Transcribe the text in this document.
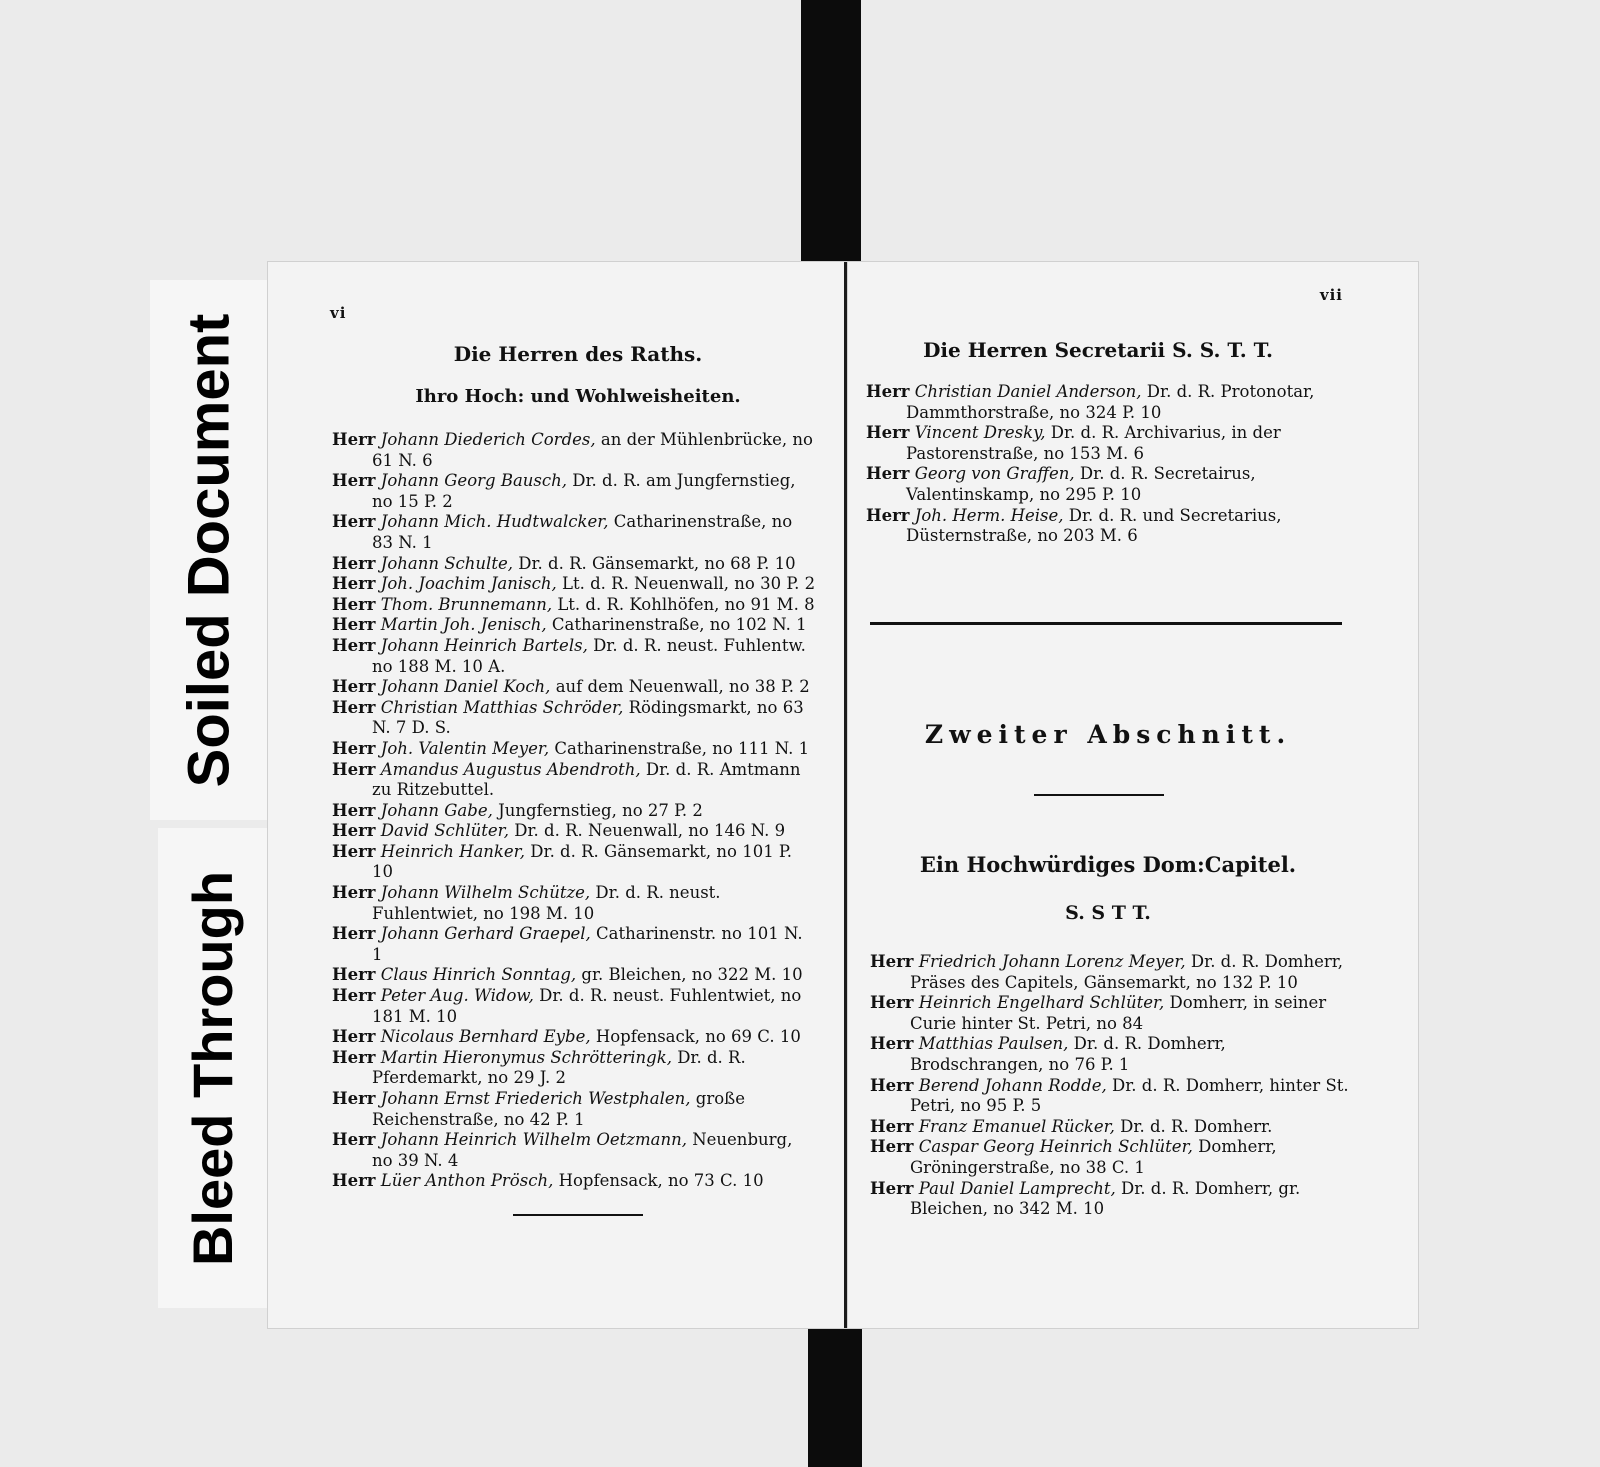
Soiled Document
Bleed Through
vi
Die Herren des Raths.
Ihro Hoch: und Wohlweisheiten.

Herr Johann Diederich Cordes, an der Mühlenbrücke, no 61 N. 6

Herr Johann Georg Bausch, Dr. d. R. am Jungfernstieg, no 15 P. 2

Herr Johann Mich. Hudtwalcker, Catharinenstraße, no 83 N. 1

Herr Johann Schulte, Dr. d. R. Gänsemarkt, no 68 P. 10

Herr Joh. Joachim Janisch, Lt. d. R. Neuenwall, no 30 P. 2

Herr Thom. Brunnemann, Lt. d. R. Kohlhöfen, no 91 M. 8

Herr Martin Joh. Jenisch, Catharinenstraße, no 102 N. 1

Herr Johann Heinrich Bartels, Dr. d. R. neust. Fuhlentw. no 188 M. 10 A.

Herr Johann Daniel Koch, auf dem Neuenwall, no 38 P. 2

Herr Christian Matthias Schröder, Rödingsmarkt, no 63 N. 7 D. S.

Herr Joh. Valentin Meyer, Catharinenstraße, no 111 N. 1

Herr Amandus Augustus Abendroth, Dr. d. R. Amtmann zu Ritzebuttel.

Herr Johann Gabe, Jungfernstieg, no 27 P. 2

Herr David Schlüter, Dr. d. R. Neuenwall, no 146 N. 9

Herr Heinrich Hanker, Dr. d. R. Gänsemarkt, no 101 P. 10

Herr Johann Wilhelm Schütze, Dr. d. R. neust. Fuhlentwiet, no 198 M. 10

Herr Johann Gerhard Graepel, Catharinenstr. no 101 N. 1

Herr Claus Hinrich Sonntag, gr. Bleichen, no 322 M. 10

Herr Peter Aug. Widow, Dr. d. R. neust. Fuhlentwiet, no 181 M. 10

Herr Nicolaus Bernhard Eybe, Hopfensack, no 69 C. 10

Herr Martin Hieronymus Schrötteringk, Dr. d. R. Pferdemarkt, no 29 J. 2

Herr Johann Ernst Friederich Westphalen, große Reichenstraße, no 42 P. 1

Herr Johann Heinrich Wilhelm Oetzmann, Neuenburg, no 39 N. 4

Herr Lüer Anthon Prösch, Hopfensack, no 73 C. 10

vii
Die Herren Secretarii S. S. T. T.

Herr Christian Daniel Anderson, Dr. d. R. Protonotar, Dammthorstraße, no 324 P. 10

Herr Vincent Dresky, Dr. d. R. Archivarius, in der Pastorenstraße, no 153 M. 6

Herr Georg von Graffen, Dr. d. R. Secretairus, Valentinskamp, no 295 P. 10

Herr Joh. Herm. Heise, Dr. d. R. und Secretarius, Düsternstraße, no 203 M. 6

Zweiter Abschnitt.
Ein Hochwürdiges Dom:Capitel.
S. S T T.

Herr Friedrich Johann Lorenz Meyer, Dr. d. R. Domherr, Präses des Capitels, Gänsemarkt, no 132 P. 10

Herr Heinrich Engelhard Schlüter, Domherr, in seiner Curie hinter St. Petri, no 84

Herr Matthias Paulsen, Dr. d. R. Domherr, Brodschrangen, no 76 P. 1

Herr Berend Johann Rodde, Dr. d. R. Domherr, hinter St. Petri, no 95 P. 5

Herr Franz Emanuel Rücker, Dr. d. R. Domherr.

Herr Caspar Georg Heinrich Schlüter, Domherr, Gröningerstraße, no 38 C. 1

Herr Paul Daniel Lamprecht, Dr. d. R. Domherr, gr. Bleichen, no 342 M. 10
